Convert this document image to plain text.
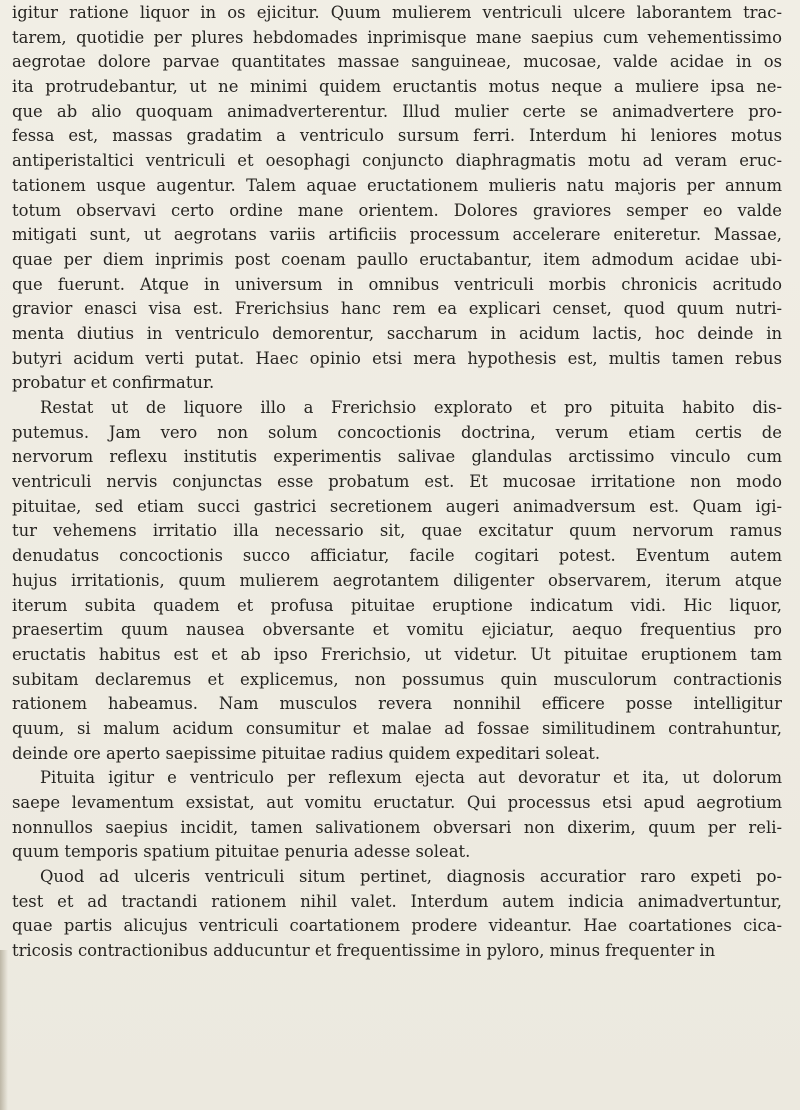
igitur ratione liquor in os ejicitur. Quum mulierem ventriculi ulcere laborantem trac-
tarem, quotidie per plures hebdomades inprimisque mane saepius cum vehementissimo
aegrotae dolore parvae quantitates massae sanguineae, mucosae, valde acidae in os
ita protrudebantur, ut ne minimi quidem eructantis motus neque a muliere ipsa ne-
que ab alio quoquam animadverterentur. Illud mulier certe se animadvertere pro-
fessa est, massas gradatim a ventriculo sursum ferri. Interdum hi leniores motus
antiperistaltici ventriculi et oesophagi conjuncto diaphragmatis motu ad veram eruc-
tationem usque augentur. Talem aquae eructationem mulieris natu majoris per annum
totum observavi certo ordine mane orientem. Dolores graviores semper eo valde
mitigati sunt, ut aegrotans variis artificiis processum accelerare eniteretur. Massae,
quae per diem inprimis post coenam paullo eructabantur, item admodum acidae ubi-
que fuerunt. Atque in universum in omnibus ventriculi morbis chronicis acritudo
gravior enasci visa est. Frerichsius hanc rem ea explicari censet, quod quum nutri-
menta diutius in ventriculo demorentur, saccharum in acidum lactis, hoc deinde in
butyri acidum verti putat. Haec opinio etsi mera hypothesis est, multis tamen rebus
probatur et confirmatur.
Restat ut de liquore illo a Frerichsio explorato et pro pituita habito dis-
putemus. Jam vero non solum concoctionis doctrina, verum etiam certis de
nervorum reflexu institutis experimentis salivae glandulas arctissimo vinculo cum
ventriculi nervis conjunctas esse probatum est. Et mucosae irritatione non modo
pituitae, sed etiam succi gastrici secretionem augeri animadversum est. Quam igi-
tur vehemens irritatio illa necessario sit, quae excitatur quum nervorum ramus
denudatus concoctionis succo afficiatur, facile cogitari potest. Eventum autem
hujus irritationis, quum mulierem aegrotantem diligenter observarem, iterum atque
iterum subita quadem et profusa pituitae eruptione indicatum vidi. Hic liquor,
praesertim quum nausea obversante et vomitu ejiciatur, aequo frequentius pro
eructatis habitus est et ab ipso Frerichsio, ut videtur. Ut pituitae eruptionem tam
subitam declaremus et explicemus, non possumus quin musculorum contractionis
rationem habeamus. Nam musculos revera nonnihil efficere posse intelligitur
quum, si malum acidum consumitur et malae ad fossae similitudinem contrahuntur,
deinde ore aperto saepissime pituitae radius quidem expeditari soleat.
Pituita igitur e ventriculo per reflexum ejecta aut devoratur et ita, ut dolorum
saepe levamentum exsistat, aut vomitu eructatur. Qui processus etsi apud aegrotium
nonnullos saepius incidit, tamen salivationem obversari non dixerim, quum per reli-
quum temporis spatium pituitae penuria adesse soleat.
Quod ad ulceris ventriculi situm pertinet, diagnosis accuratior raro expeti po-
test et ad tractandi rationem nihil valet. Interdum autem indicia animadvertuntur,
quae partis alicujus ventriculi coartationem prodere videantur. Hae coartationes cica-
tricosis contractionibus adducuntur et frequentissime in pyloro, minus frequenter in
